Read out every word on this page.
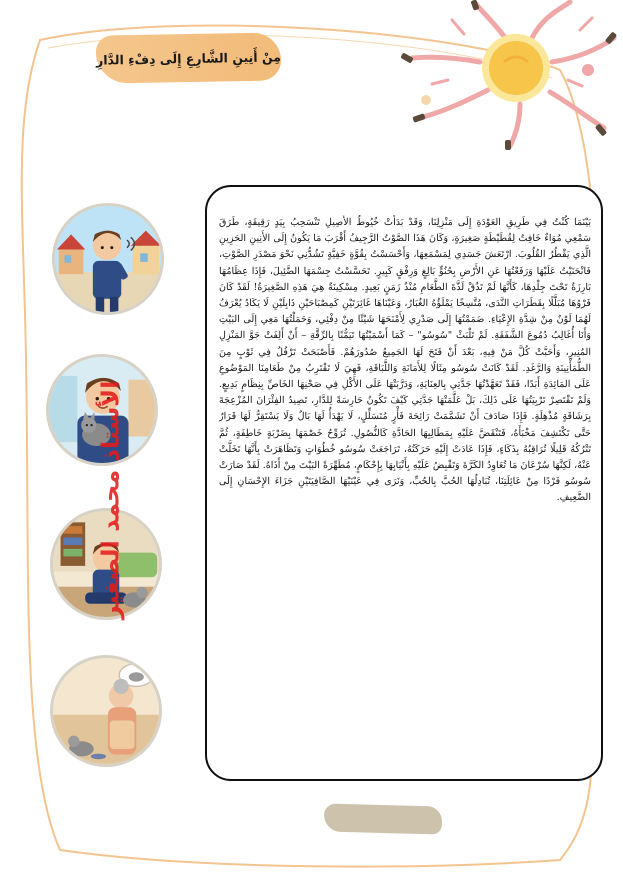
مِنْ أَنِينِ الشَّارِعِ إِلَى دِفْءِ الدَّارِ
الأستاذ محمد الصغير

بَيْنَمَا كُنْتُ فِي طَرِيقِ العَوْدَةِ إِلَى مَنْزِلِنَا، وَقَدْ بَدَأَتْ خُيُوطُ الأَصِيلِ تَنْسَحِبُ بِيَدٍ رَقِيقَةٍ، طَرَقَ سَمْعِي مُوَاءٌ خَافِتٌ لِقُطَيْطَةٍ صَغِيرَةٍ، وَكَانَ هَذَا الصَّوْتُ الرَّجِيفُ أَقْرَبَ مَا يَكُونُ إِلَى الأَنِينِ الحَزِينِ الَّذِي يَقْطُرُ القُلُوبَ. ارْتَعَشَ جَسَدِي لِمَسْمَعِهَا، وَأَحْسَسْتُ بِقُوَّةٍ خَفِيَّةٍ تَشُدُّنِي نَحْوَ مَصْدَرِ الصَّوْتِ، فَانْحَنَيْتُ عَلَيْهَا وَرَفَعْتُهَا عَنِ الأَرْضِ بِحُنُوٍّ بَالِغٍ وَرِفْقٍ كَبِيرٍ. تَحَسَّسْتُ جِسْمَهَا الضَّئِيلَ، فَإِذَا عِظَامُهَا بَارِزَةٌ تَحْتَ جِلْدِهَا، كَأَنَّهَا لَمْ تَذُقْ لَذَّةَ الطَّعَامِ مُنْذُ زَمَنٍ بَعِيدٍ. مِسْكِينَةٌ هِيَ هَذِهِ الصَّغِيرَةُ! لَقَدْ كَانَ فَرْوُهَا مُبَلَّلًا بِقَطَرَاتِ النَّدَى، مُتَّسِخًا يَمْلَؤُهُ الغُبَارُ، وَعَيْنَاهَا غَائِرَتَيْنِ كَمِصْبَاحَيْنِ ذَابِلَيْنِ لَا يَكَادُ يُعْرَفُ لَهُمَا لَوْنٌ مِنْ شِدَّةِ الإِعْيَاءِ. ضَمَمْتُهَا إِلَى صَدْرِي لِأَمْنَحَهَا شَيْئًا مِنْ دِفْئِي، وَحَمَلْتُهَا مَعِي إِلَى البَيْتِ وَأَنَا أُغَالِبُ دُمُوعَ الشَّفَقَةِ. لَمْ تَلْبَثْ "سُوسُو" – كَمَا أَسْمَيْتُهَا تَيَمُّنًا بِالرِّقَّةِ – أَنْ أَلِفَتْ جَوَّ المَنْزِلِ المُنِيرِ، وَأَحَبَّتْ كُلَّ مَنْ فِيهِ، بَعْدَ أَنْ فَتَحَ لَهَا الجَمِيعُ صُدُورَهُمْ. فَأَصْبَحَتْ تَرْفُلُ فِي ثَوْبٍ مِنَ الطُّمَأْنِينَةِ وَالرَّغَدِ. لَقَدْ كَانَتْ سُوسُو مِثَالًا لِلأَمَانَةِ وَاللَّبَاقَةِ، فَهِيَ لَا تَقْتَرِبُ مِنْ طَعَامِنَا المَوْضُوعِ عَلَى المَائِدَةِ أَبَدًا، فَقَدْ تَعَهَّدْتُهَا جَدَّتِي بِالعِنَايَةِ، وَدَرَّبَتْهَا عَلَى الأَكْلِ فِي صَحْنِهَا الخَاصِّ بِنِظَامٍ بَدِيعٍ. وَلَمْ تَقْتَصِرْ تَرْبِيَتُهَا عَلَى ذَلِكَ، بَلْ عَلَّمَتْهَا جَدَّتِي كَيْفَ تَكُونُ حَارِسَةً لِلدَّارِ، تَصِيدُ الفِئْرَانَ المُزْعِجَةَ بِرَشَاقَةٍ مُذْهِلَةٍ. فَإِذَا صَادَفَ أَنْ تَشَمَّمَتْ رَائِحَةَ فَأْرٍ مُتَسَلِّلٍ، لَا يَهْدَأُ لَهَا بَالٌ وَلَا يَسْتَقِرُّ لَهَا قَرَارٌ حَتَّى تَكْتَشِفَ مَخْبَأَهُ، فَتَنْقَضَّ عَلَيْهِ بِمَطَالِبِهَا الحَادَّةِ كَالنُّصُولِ. تُرَوِّحُ خَصْمَهَا بِضَرْبَةٍ خَاطِفَةٍ، ثُمَّ تَتْرُكُهُ قَلِيلًا تُرَاقِبُهُ بِذَكَاءٍ، فَإِذَا عَادَتْ إِلَيْهِ حَرَكَتُهُ، تَرَاجَعَتْ سُوسُو خُطُوَاتٍ وَتَظَاهَرَتْ بِأَنَّهَا تَخَلَّتْ عَنْهُ، لَكِنَّهَا سُرْعَانَ مَا تُعَاوِدُ الكَرَّةَ وَتَقْبِضُ عَلَيْهِ بِأَنْيَابِهَا بِإِحْكَامٍ، مُطَهِّرَةً البَيْتَ مِنْ أَذَاهُ. لَقَدْ صَارَتْ سُوسُو فَرْدًا مِنْ عَائِلَتِنَا، تُبَادِلُهَا الحُبَّ بِالحُبِّ، وَنَرَى فِي عَيْنَيْهَا الصَّافِيَتَيْنِ جَزَاءَ الإِحْسَانِ إِلَى الضَّعِيفِ.
